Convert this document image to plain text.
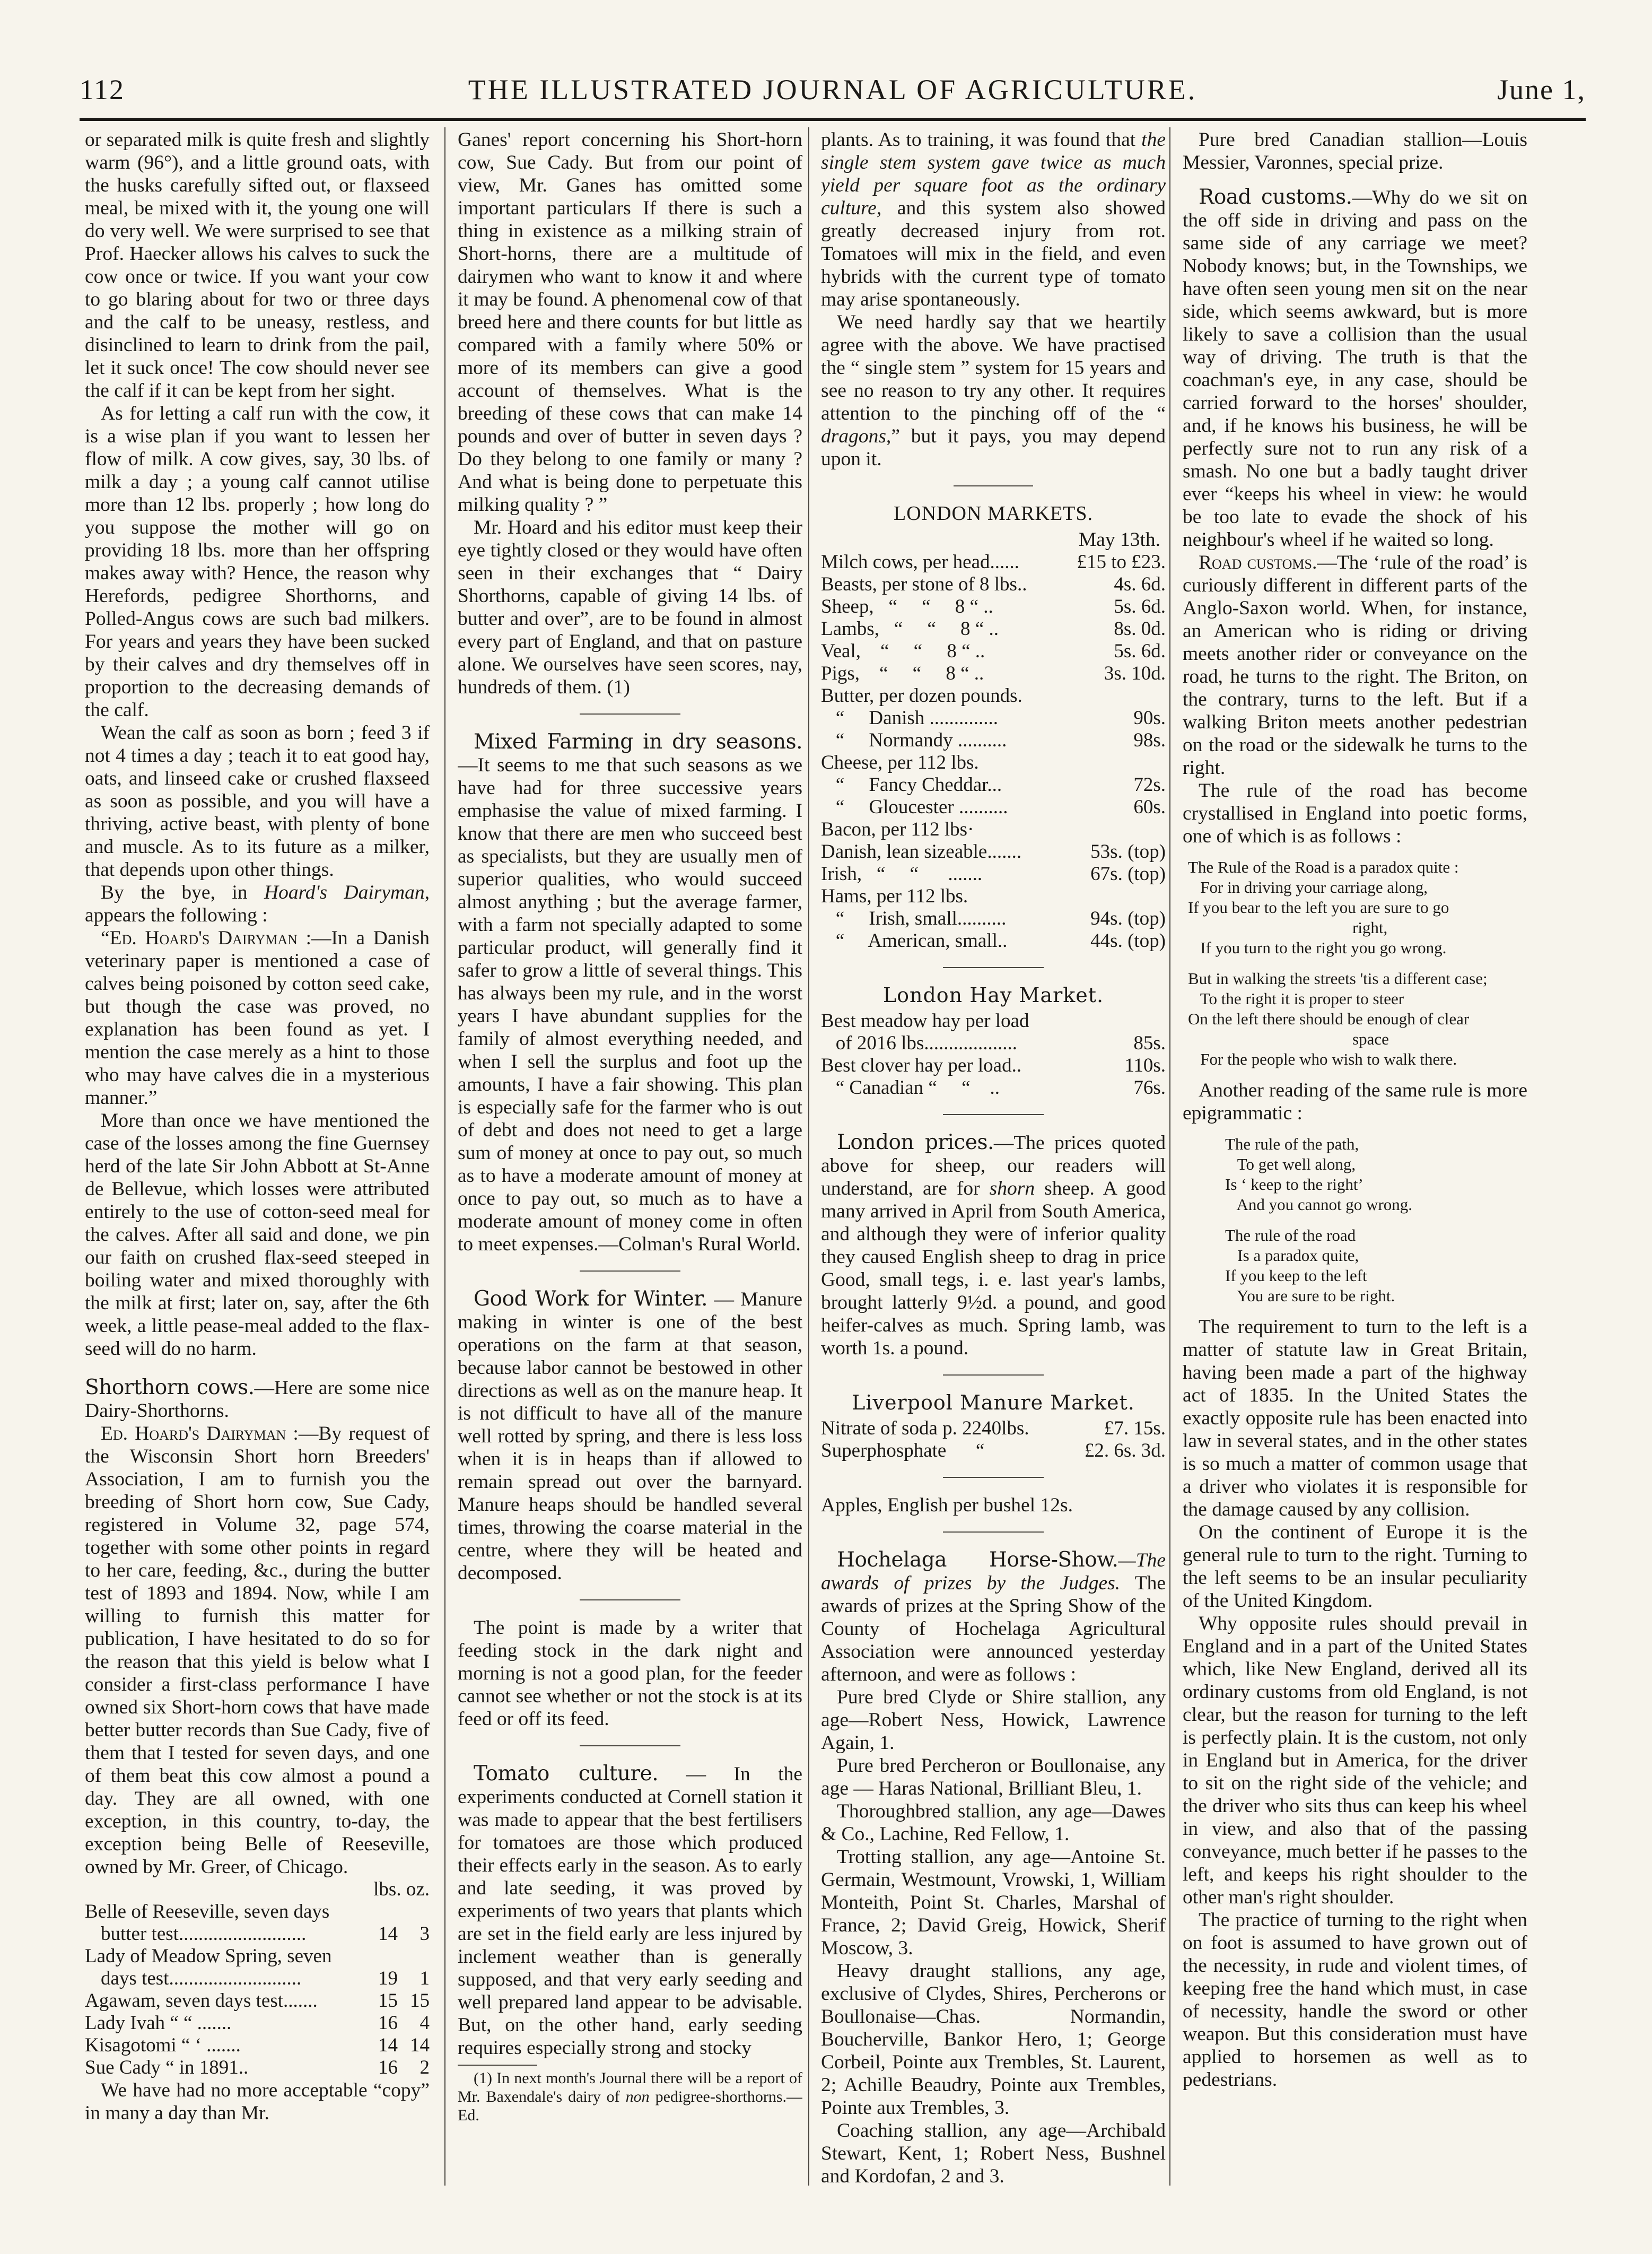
112	THE ILLUSTRATED JOURNAL OF AGRICULTURE.	June 1,

or separated milk is quite fresh and slightly warm (96°), and a little ground oats, with the husks carefully sifted out, or flaxseed meal, be mixed with it, the young one will do very well. We were surprised to see that Prof. Haecker allows his calves to suck the cow once or twice. If you want your cow to go blaring about for two or three days and the calf to be uneasy, restless, and disinclined to learn to drink from the pail, let it suck once! The cow should never see the calf if it can be kept from her sight.

As for letting a calf run with the cow, it is a wise plan if you want to lessen her flow of milk. A cow gives, say, 30 lbs. of milk a day ; a young calf cannot utilise more than 12 lbs. properly ; how long do you suppose the mother will go on providing 18 lbs. more than her offspring makes away with? Hence, the reason why Herefords, pedigree Shorthorns, and Polled-Angus cows are such bad milkers. For years and years they have been sucked by their calves and dry themselves off in proportion to the decreasing demands of the calf.

Wean the calf as soon as born ; feed 3 if not 4 times a day ; teach it to eat good hay, oats, and linseed cake or crushed flaxseed as soon as possible, and you will have a thriving, active beast, with plenty of bone and muscle. As to its future as a milker, that depends upon other things.

By the bye, in Hoard's Dairyman, appears the following :

“Ed. Hoard's Dairyman :—In a Danish veterinary paper is mentioned a case of calves being poisoned by cotton seed cake, but though the case was proved, no explanation has been found as yet. I mention the case merely as a hint to those who may have calves die in a mysterious manner.”

More than once we have mentioned the case of the losses among the fine Guernsey herd of the late Sir John Abbott at St-Anne de Bellevue, which losses were attributed entirely to the use of cotton-seed meal for the calves. After all said and done, we pin our faith on crushed flax-seed steeped in boiling water and mixed thoroughly with the milk at first; later on, say, after the 6th week, a little pease-meal added to the flax-seed will do no harm.

Shorthorn cows.—Here are some nice Dairy-Shorthorns.

Ed. Hoard's Dairyman :—By request of the Wisconsin Short horn Breeders' Association, I am to furnish you the breeding of Short horn cow, Sue Cady, registered in Volume 32, page 574, together with some other points in regard to her care, feeding, &c., during the butter test of 1893 and 1894. Now, while I am willing to furnish this matter for publication, I have hesitated to do so for the reason that this yield is below what I consider a first-class performance I have owned six Short-horn cows that have made better butter records than Sue Cady, five of them that I tested for seven days, and one of them beat this cow almost a pound a day. They are all owned, with one exception, in this country, to-day, the exception being Belle of Reeseville, owned by Mr. Greer, of Chicago.

	lbs. oz.	
Belle of Reeseville, seven days		
butter test..........................	14	3
Lady of Meadow Spring, seven		
days test...........................	19	1
Agawam, seven days test.......	15	15
Lady Ivah “ “ .......	16	4
Kisagotomi “ ‘ .......	14	14
Sue Cady “ in 1891..	16	2

We have had no more acceptable “copy” in many a day than Mr.

Ganes' report concerning his Short-horn cow, Sue Cady. But from our point of view, Mr. Ganes has omitted some important particulars If there is such a thing in existence as a milking strain of Short-horns, there are a multitude of dairymen who want to know it and where it may be found. A phenomenal cow of that breed here and there counts for but little as compared with a family where 50% or more of its members can give a good account of themselves. What is the breeding of these cows that can make 14 pounds and over of butter in seven days ? Do they belong to one family or many ? And what is being done to perpetuate this milking quality ? ”

Mr. Hoard and his editor must keep their eye tightly closed or they would have often seen in their exchanges that “ Dairy Shorthorns, capable of giving 14 lbs. of butter and over”, are to be found in almost every part of England, and that on pasture alone. We ourselves have seen scores, nay, hundreds of them. (1)

Mixed Farming in dry seasons.—It seems to me that such seasons as we have had for three successive years emphasise the value of mixed farming. I know that there are men who succeed best as specialists, but they are usually men of superior qualities, who would succeed almost anything ; but the average farmer, with a farm not specially adapted to some particular product, will generally find it safer to grow a little of several things. This has always been my rule, and in the worst years I have abundant supplies for the family of almost everything needed, and when I sell the surplus and foot up the amounts, I have a fair showing. This plan is especially safe for the farmer who is out of debt and does not need to get a large sum of money at once to pay out, so much as to have a moderate amount of money at once to pay out, so much as to have a moderate amount of money come in often to meet expenses.—Colman's Rural World.

Good Work for Winter. — Manure making in winter is one of the best operations on the farm at that season, because labor cannot be bestowed in other directions as well as on the manure heap. It is not difficult to have all of the manure well rotted by spring, and there is less loss when it is in heaps than if allowed to remain spread out over the barnyard. Manure heaps should be handled several times, throwing the coarse material in the centre, where they will be heated and decomposed.

The point is made by a writer that feeding stock in the dark night and morning is not a good plan, for the feeder cannot see whether or not the stock is at its feed or off its feed.

Tomato culture. — In the experiments conducted at Cornell station it was made to appear that the best fertilisers for tomatoes are those which produced their effects early in the season. As to early and late seeding, it was proved by experiments of two years that plants which are set in the field early are less injured by inclement weather than is generally supposed, and that very early seeding and well prepared land appear to be advisable. But, on the other hand, early seeding requires especially strong and stocky

(1) In next month's Journal there will be a report of Mr. Baxendale's dairy of non pedigree-shorthorns.—Ed.

plants. As to training, it was found that the single stem system gave twice as much yield per square foot as the ordinary culture, and this system also showed greatly decreased injury from rot. Tomatoes will mix in the field, and even hybrids with the current type of tomato may arise spontaneously.

We need hardly say that we heartily agree with the above. We have practised the “ single stem ” system for 15 years and see no reason to try any other. It requires attention to the pinching off of the “ dragons,” but it pays, you may depend upon it.

LONDON MARKETS.
May 13th.
Milch cows, per head......	£15 to £23.
Beasts, per stone of 8 lbs..	4s. 6d.
Sheep,   “     “     8 “ ..	5s. 6d.
Lambs,   “     “     8 “ ..	8s. 0d.
Veal,    “     “     8 “ ..	5s. 6d.
Pigs,    “     “     8 “ ..	3s. 10d.
Butter, per dozen pounds.	
“     Danish ..............	90s.
“     Normandy ..........	98s.
Cheese, per 112 lbs.	
“     Fancy Cheddar...	72s.
“     Gloucester ..........	60s.
Bacon, per 112 lbs·	
Danish, lean sizeable.......	53s. (top)
Irish,   “     “      .......	67s. (top)
Hams, per 112 lbs.	
“     Irish, small..........	94s. (top)
“     American, small..	44s. (top)
London Hay Market.
Best meadow hay per load	
of 2016 lbs...................	85s.
Best clover hay per load..	110s.
“ Canadian “     “    ..	76s.

London prices.—The prices quoted above for sheep, our readers will understand, are for shorn sheep. A good many arrived in April from South America, and although they were of inferior quality they caused English sheep to drag in price Good, small tegs, i. e. last year's lambs, brought latterly 9½d. a pound, and good heifer-calves as much. Spring lamb, was worth 1s. a pound.

Liverpool Manure Market.
Nitrate of soda p. 2240lbs.	£7. 15s.
Superphosphate      “	£2. 6s. 3d.

Apples, English per bushel 12s.

Hochelaga Horse-Show.—The awards of prizes by the Judges. The awards of prizes at the Spring Show of the County of Hochelaga Agricultural Association were announced yesterday afternoon, and were as follows :

Pure bred Clyde or Shire stallion, any age—Robert Ness, Howick, Lawrence Again, 1.

Pure bred Percheron or Boullonaise, any age — Haras National, Brilliant Bleu, 1.

Thoroughbred stallion, any age—Dawes & Co., Lachine, Red Fellow, 1.

Trotting stallion, any age—Antoine St. Germain, Westmount, Vrowski, 1, William Monteith, Point St. Charles, Marshal of France, 2; David Greig, Howick, Sherif Moscow, 3.

Heavy draught stallions, any age, exclusive of Clydes, Shires, Percherons or Boullonaise—Chas. Normandin, Boucherville, Bankor Hero, 1; George Corbeil, Pointe aux Trembles, St. Laurent, 2; Achille Beaudry, Pointe aux Trembles, Pointe aux Trembles, 3.

Coaching stallion, any age—Archibald Stewart, Kent, 1; Robert Ness, Bushnel and Kordofan, 2 and 3.

Pure bred Canadian stallion—Louis Messier, Varonnes, special prize.

Road customs.—Why do we sit on the off side in driving and pass on the same side of any carriage we meet? Nobody knows; but, in the Townships, we have often seen young men sit on the near side, which seems awkward, but is more likely to save a collision than the usual way of driving. The truth is that the coachman's eye, in any case, should be carried forward to the horses' shoulder, and, if he knows his business, he will be perfectly sure not to run any risk of a smash. No one but a badly taught driver ever “keeps his wheel in view: he would be too late to evade the shock of his neighbour's wheel if he waited so long.

Road customs.—The ‘rule of the road’ is curiously different in different parts of the Anglo-Saxon world. When, for instance, an American who is riding or driving meets another rider or conveyance on the road, he turns to the right. The Briton, on the contrary, turns to the left. But if a walking Briton meets another pedestrian on the road or the sidewalk he turns to the right.

The rule of the road has become crystallised in England into poetic forms, one of which is as follows :

The Rule of the Road is a paradox quite :
For in driving your carriage along,
If you bear to the left you are sure to go
right,
If you turn to the right you go wrong.
But in walking the streets 'tis a different case;
To the right it is proper to steer
On the left there should be enough of clear
space
For the people who wish to walk there.

Another reading of the same rule is more epigrammatic :

The rule of the path,
To get well along,
Is ‘ keep to the right’
And you cannot go wrong.
The rule of the road
Is a paradox quite,
If you keep to the left
You are sure to be right.

The requirement to turn to the left is a matter of statute law in Great Britain, having been made a part of the highway act of 1835. In the United States the exactly opposite rule has been enacted into law in several states, and in the other states is so much a matter of common usage that a driver who violates it is responsible for the damage caused by any collision.

On the continent of Europe it is the general rule to turn to the right. Turning to the left seems to be an insular peculiarity of the United Kingdom.

Why opposite rules should prevail in England and in a part of the United States which, like New England, derived all its ordinary customs from old England, is not clear, but the reason for turning to the left is perfectly plain. It is the custom, not only in England but in America, for the driver to sit on the right side of the vehicle; and the driver who sits thus can keep his wheel in view, and also that of the passing conveyance, much better if he passes to the left, and keeps his right shoulder to the other man's right shoulder.

The practice of turning to the right when on foot is assumed to have grown out of the necessity, in rude and violent times, of keeping free the hand which must, in case of necessity, handle the sword or other weapon. But this consideration must have applied to horsemen as well as to pedestrians.
